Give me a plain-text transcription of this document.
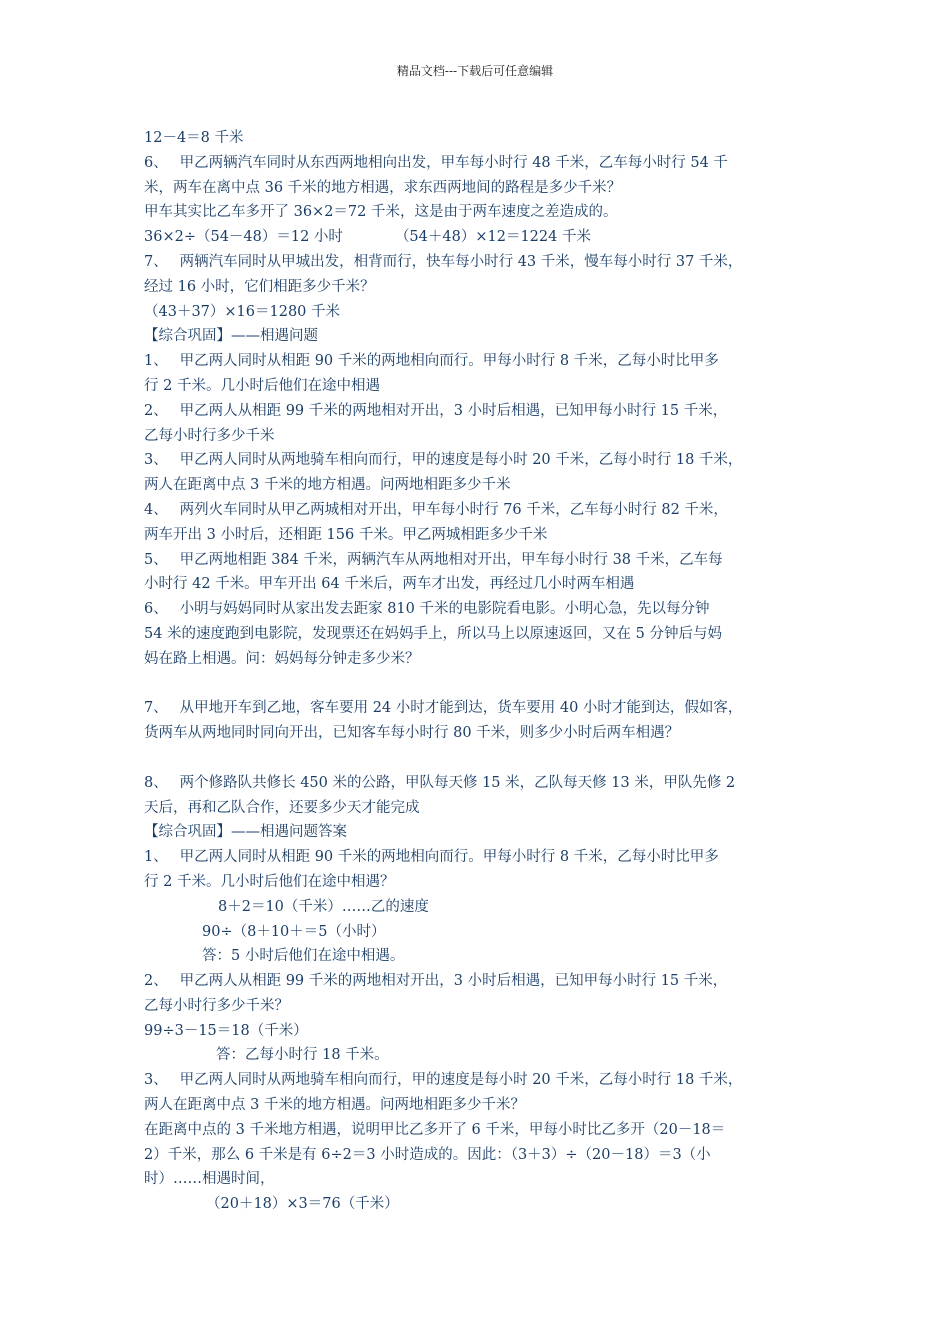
精品文档---下载后可任意编辑
12－4＝8 千米
6、　 甲乙两辆汽车同时从东西两地相向出发，甲车每小时行 48 千米，乙车每小时行 54 千
米，两车在离中点 36 千米的地方相遇，求东西两地间的路程是多少千米？
甲车其实比乙车多开了 36×2＝72 千米，这是由于两车速度之差造成的。
36×2÷（54－48）＝12 小时	（54＋48）×12＝1224 千米
7、　 两辆汽车同时从甲城出发，相背而行，快车每小时行 43 千米，慢车每小时行 37 千米，
经过 16 小时，它们相距多少千米？
（43＋37）×16＝1280 千米
【综合巩固】——相遇问题
1、　 甲乙两人同时从相距 90 千米的两地相向而行。甲每小时行 8 千米，乙每小时比甲多
行 2 千米。几小时后他们在途中相遇
2、　 甲乙两人从相距 99 千米的两地相对开出，3 小时后相遇，已知甲每小时行 15 千米，
乙每小时行多少千米
3、　 甲乙两人同时从两地骑车相向而行，甲的速度是每小时 20 千米，乙每小时行 18 千米，
两人在距离中点 3 千米的地方相遇。问两地相距多少千米
4、　 两列火车同时从甲乙两城相对开出，甲车每小时行 76 千米，乙车每小时行 82 千米，
两车开出 3 小时后，还相距 156 千米。甲乙两城相距多少千米
5、　 甲乙两地相距 384 千米，两辆汽车从两地相对开出，甲车每小时行 38 千米，乙车每
小时行 42 千米。甲车开出 64 千米后，两车才出发，再经过几小时两车相遇
6、　 小明与妈妈同时从家出发去距家 810 千米的电影院看电影。小明心急，先以每分钟
54 米的速度跑到电影院，发现票还在妈妈手上，所以马上以原速返回，又在 5 分钟后与妈
妈在路上相遇。问：妈妈每分钟走多少米？
7、　 从甲地开车到乙地，客车要用 24 小时才能到达，货车要用 40 小时才能到达，假如客，
货两车从两地同时同向开出，已知客车每小时行 80 千米，则多少小时后两车相遇？
8、　 两个修路队共修长 450 米的公路，甲队每天修 15 米，乙队每天修 13 米，甲队先修 2
天后，再和乙队合作，还要多少天才能完成
【综合巩固】——相遇问题答案
1、　 甲乙两人同时从相距 90 千米的两地相向而行。甲每小时行 8 千米，乙每小时比甲多
行 2 千米。几小时后他们在途中相遇？
8＋2＝10（千米）……乙的速度
90÷（8＋10＋＝5（小时）
答：5 小时后他们在途中相遇。
2、　 甲乙两人从相距 99 千米的两地相对开出，3 小时后相遇，已知甲每小时行 15 千米，
乙每小时行多少千米？
99÷3－15＝18（千米）
答：乙每小时行 18 千米。
3、　 甲乙两人同时从两地骑车相向而行，甲的速度是每小时 20 千米，乙每小时行 18 千米，
两人在距离中点 3 千米的地方相遇。问两地相距多少千米？
在距离中点的 3 千米地方相遇，说明甲比乙多开了 6 千米，甲每小时比乙多开（20－18＝
2）千米，那么 6 千米是有 6÷2＝3 小时造成的。因此：（3＋3）÷（20－18）＝3（小
时）……相遇时间，
（20＋18）×3＝76（千米）
